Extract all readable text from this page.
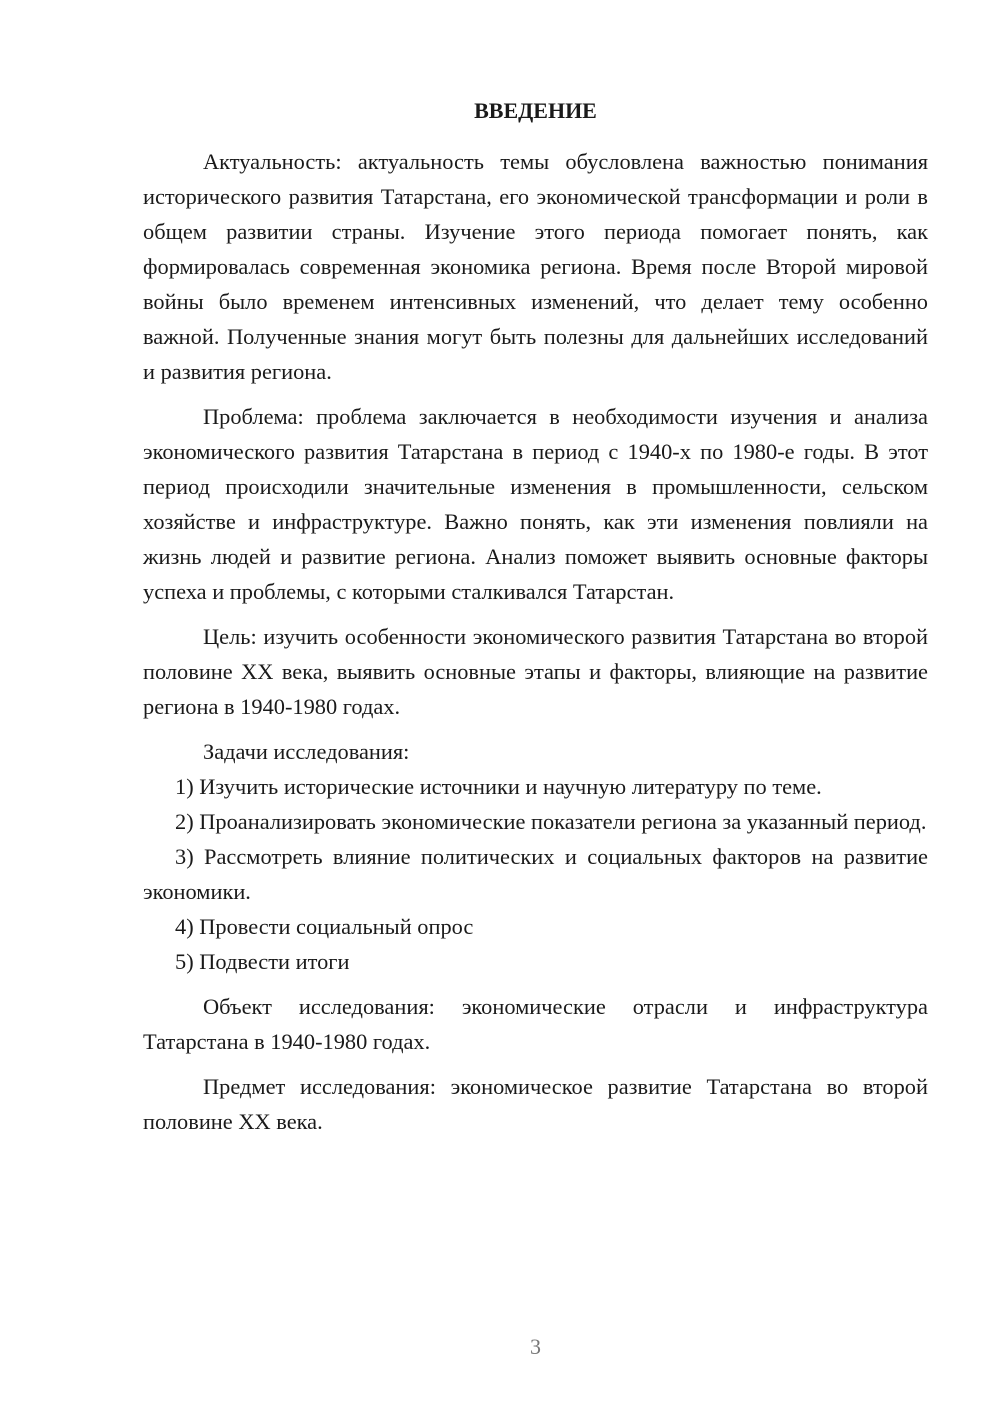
ВВЕДЕНИЕ

Актуальность: актуальность темы обусловлена важностью понимания исторического развития Татарстана, его экономической трансформации и роли в общем развитии страны. Изучение этого периода помогает понять, как формировалась современная экономика региона. Время после Второй мировой войны было временем интенсивных изменений, что делает тему особенно важной. Полученные знания могут быть полезны для дальнейших исследований и развития региона.

Проблема: проблема заключается в необходимости изучения и анализа экономического развития Татарстана в период с 1940-х по 1980-е годы. В этот период происходили значительные изменения в промышленности, сельском хозяйстве и инфраструктуре. Важно понять, как эти изменения повлияли на жизнь людей и развитие региона. Анализ поможет выявить основные факторы успеха и проблемы, с которыми сталкивался Татарстан.

Цель: изучить особенности экономического развития Татарстана во второй половине XX века, выявить основные этапы и факторы, влияющие на развитие региона в 1940-1980 годах.

Задачи исследования:

1) Изучить исторические источники и научную литературу по теме.

2) Проанализировать экономические показатели региона за указанный период.

3) Рассмотреть влияние политических и социальных факторов на развитие экономики.

4) Провести социальный опрос

5) Подвести итоги

Объект исследования: экономические отрасли и инфраструктура Татарстана в 1940-1980 годах.

Предмет исследования: экономическое развитие Татарстана во второй половине XX века.

3
